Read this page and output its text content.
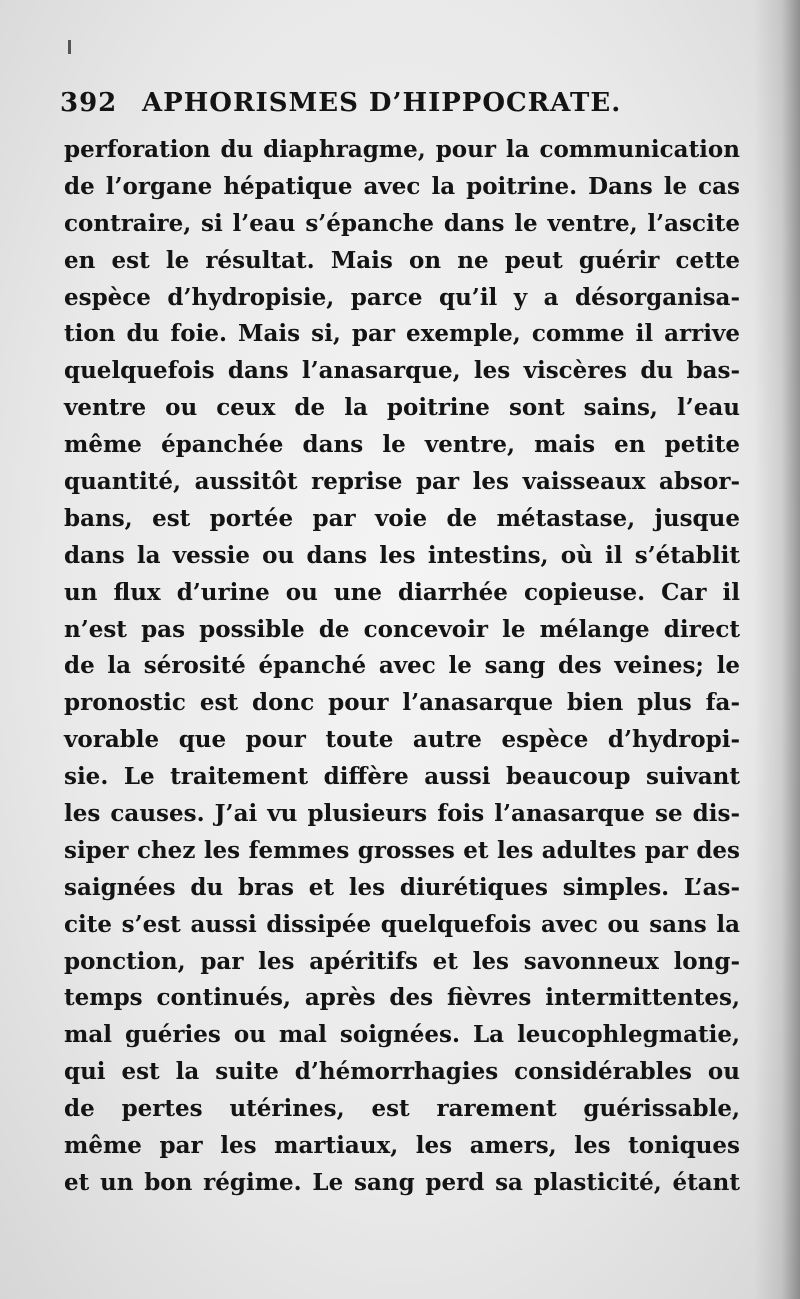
392 APHORISMES D’HIPPOCRATE.
perforation du diaphragme, pour la communication
de l’organe hépatique avec la poitrine. Dans le cas
contraire, si l’eau s’épanche dans le ventre, l’ascite
en est le résultat. Mais on ne peut guérir cette
espèce d’hydropisie, parce qu’il y a désorganisa-
tion du foie. Mais si, par exemple, comme il arrive
quelquefois dans l’anasarque, les viscères du bas-
ventre ou ceux de la poitrine sont sains, l’eau
même épanchée dans le ventre, mais en petite
quantité, aussitôt reprise par les vaisseaux absor-
bans, est portée par voie de métastase, jusque
dans la vessie ou dans les intestins, où il s’établit
un flux d’urine ou une diarrhée copieuse. Car il
n’est pas possible de concevoir le mélange direct
de la sérosité épanché avec le sang des veines; le
pronostic est donc pour l’anasarque bien plus fa-
vorable que pour toute autre espèce d’hydropi-
sie. Le traitement diffère aussi beaucoup suivant
les causes. J’ai vu plusieurs fois l’anasarque se dis-
siper chez les femmes grosses et les adultes par des
saignées du bras et les diurétiques simples. L’as-
cite s’est aussi dissipée quelquefois avec ou sans la
ponction, par les apéritifs et les savonneux long-
temps continués, après des fièvres intermittentes,
mal guéries ou mal soignées. La leucophlegmatie,
qui est la suite d’hémorrhagies considérables ou
de pertes utérines, est rarement guérissable,
même par les martiaux, les amers, les toniques
et un bon régime. Le sang perd sa plasticité, étant
